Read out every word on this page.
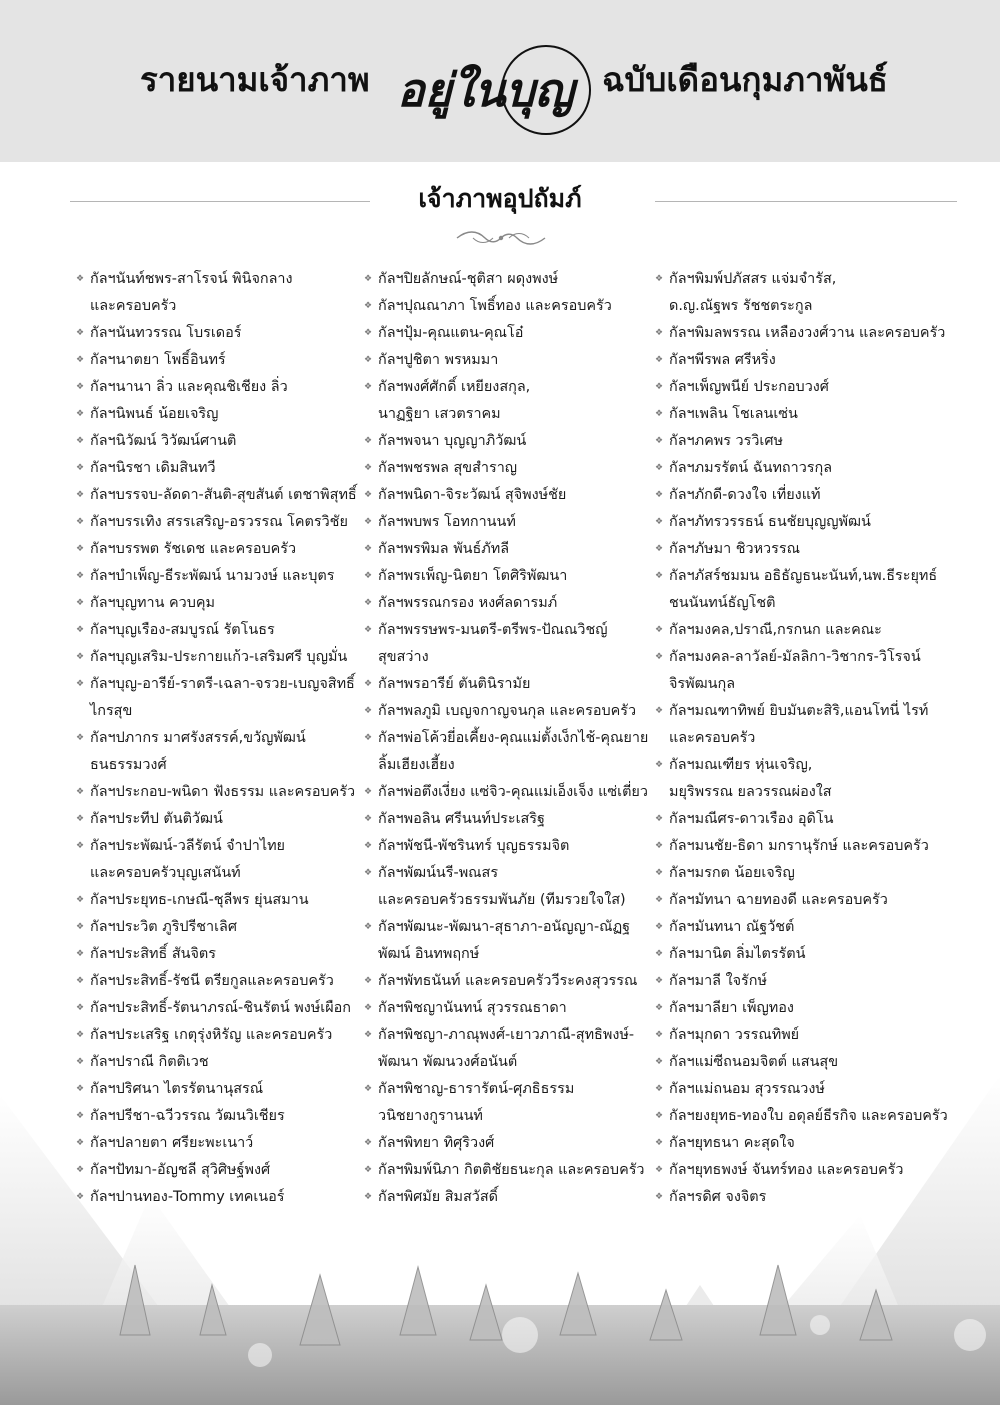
รายนามเจ้าภาพ อยู่ในบุญ ฉบับเดือนกุมภาพันธ์
เจ้าภาพอุปถัมภ์
❖ กัลฯนันท์ชพร-สาโรจน์ พินิจกลาง
และครอบครัว
❖ กัลฯนันทวรรณ โบรเดอร์
❖ กัลฯนาตยา โพธิ์อินทร์
❖ กัลฯนานา ลิ่ว และคุณชิเชียง ลิ่ว
❖ กัลฯนิพนธ์ น้อยเจริญ
❖ กัลฯนิวัฒน์ วิวัฒน์ศานติ
❖ กัลฯนิรชา เดิมสินทวี
❖ กัลฯบรรจบ-ลัดดา-สันติ-สุขสันต์ เตชาพิสุทธิ์
❖ กัลฯบรรเทิง สรรเสริญ-อรวรรณ โคตรวิชัย
❖ กัลฯบรรพต รัชเดช และครอบครัว
❖ กัลฯบำเพ็ญ-ธีระพัฒน์ นามวงษ์ และบุตร
❖ กัลฯบุญทาน ควบคุม
❖ กัลฯบุญเรือง-สมบูรณ์ รัตโนธร
❖ กัลฯบุญเสริม-ประกายแก้ว-เสริมศรี บุญมั่น
❖ กัลฯบุญ-อารีย์-ราตรี-เฉลา-จรวย-เบญจสิทธิ์
ไกรสุข
❖ กัลฯปภากร มาศรังสรรค์,ขวัญพัฒน์
ธนธรรมวงศ์
❖ กัลฯประกอบ-พนิดา ฟังธรรม และครอบครัว
❖ กัลฯประทีป ตันติวัฒน์
❖ กัลฯประพัฒน์-วลีรัตน์ จำปาไทย
และครอบครัวบุญเสนันท์
❖ กัลฯประยุทธ-เกษณี-ชุลีพร ยุ่นสมาน
❖ กัลฯประวิต ภูริปรีชาเลิศ
❖ กัลฯประสิทธิ์ สันจิตร
❖ กัลฯประสิทธิ์-รัชนี ตรียกูลและครอบครัว
❖ กัลฯประสิทธิ์-รัตนาภรณ์-ชินรัตน์ พงษ์เผือก
❖ กัลฯประเสริฐ เกตุรุ่งหิรัญ และครอบครัว
❖ กัลฯปราณี กิตติเวช
❖ กัลฯปริศนา ไตรรัตนานุสรณ์
❖ กัลฯปรีชา-ฉวีวรรณ วัฒนวิเชียร
❖ กัลฯปลายตา ศรียะพะเนาว์
❖ กัลฯปัทมา-อัญชลี สุวิศิษฐ์พงศ์
❖ กัลฯปานทอง-Tommy เทคเนอร์
❖ กัลฯปิยลักษณ์-ชุติสา ผดุงพงษ์
❖ กัลฯปุณณาภา โพธิ์ทอง และครอบครัว
❖ กัลฯปุ้ม-คุณแตน-คุณโอ๋
❖ กัลฯปูชิตา พรหมมา
❖ กัลฯพงศ์ศักดิ์ เหยียงสกุล,
นาฏฐิยา เสวตราคม
❖ กัลฯพจนา บุญญาภิวัฒน์
❖ กัลฯพชรพล สุขสำราญ
❖ กัลฯพนิดา-จิระวัฒน์ สุจิพงษ์ชัย
❖ กัลฯพบพร โอทกานนท์
❖ กัลฯพรพิมล พันธ์ภัทลี
❖ กัลฯพรเพ็ญ-นิตยา โตศิริพัฒนา
❖ กัลฯพรรณกรอง หงศ์ลดารมภ์
❖ กัลฯพรรษพร-มนตรี-ตรีพร-ปัณณวิชญ์
สุขสว่าง
❖ กัลฯพรอารีย์ ตันตินิรามัย
❖ กัลฯพลภูมิ เบญจกาญจนกุล และครอบครัว
❖ กัลฯพ่อโค้วยี่อเคี้ยง-คุณแม่ตั้งเง็กไช้-คุณยาย
ลิ้มเฮียงเฮี้ยง
❖ กัลฯพ่อตึงเงี่ยง แซ่จิว-คุณแม่เอ็งเจ็ง แซ่เตี่ยว
❖ กัลฯพอลิน ศรีนนท์ประเสริฐ
❖ กัลฯพัชนี-พัชรินทร์ บุญธรรมจิต
❖ กัลฯพัฒน์นรี-พณสร
และครอบครัวธรรมพันภัย (ทีมรวยใจใส)
❖ กัลฯพัฒนะ-พัฒนา-สุธาภา-อนัญญา-ณัฏฐ
พัฒน์ อินทพฤกษ์
❖ กัลฯพัทธนันท์ และครอบครัววีระคงสุวรรณ
❖ กัลฯพิชญานันทน์ สุวรรณธาดา
❖ กัลฯพิชญา-ภาณุพงศ์-เยาวภาณี-สุทธิพงษ์-
พัฒนา พัฒนวงศ์อนันต์
❖ กัลฯพิชาญ-ธารารัตน์-ศุภธิธรรม
วนิชยางกูรานนท์
❖ กัลฯพิทยา ทิศุริวงศ์
❖ กัลฯพิมพ์นิภา กิตติชัยธนะกุล และครอบครัว
❖ กัลฯพิศมัย สิมสวัสดิ์
❖ กัลฯพิมพ์ปภัสสร แจ่มจำรัส,
ด.ญ.ณัฐพร รัชชตระกูล
❖ กัลฯพิมลพรรณ เหลืองวงศ์วาน และครอบครัว
❖ กัลฯพีรพล ศรีหริ่ง
❖ กัลฯเพ็ญพนีย์ ประกอบวงศ์
❖ กัลฯเพลิน โชเลนเซ่น
❖ กัลฯภคพร วรวิเศษ
❖ กัลฯภมรรัตน์ ฉันทถาวรกุล
❖ กัลฯภักดี-ดวงใจ เที่ยงแท้
❖ กัลฯภัทรวรรธน์ ธนชัยบุญญพัฒน์
❖ กัลฯภัษมา ชิวหวรรณ
❖ กัลฯภัสร์ชมมน อธิธัญธนะนันท์,นพ.ธีระยุทธ์
ชนนันทน์ธัญโชติ
❖ กัลฯมงคล,ปราณี,กรกนก และคณะ
❖ กัลฯมงคล-ลาวัลย์-มัลลิกา-วิชากร-วิโรจน์
จิรพัฒนกุล
❖ กัลฯมณฑาทิพย์ ยิบมันตะสิริ,แอนโทนี่ ไรท์
และครอบครัว
❖ กัลฯมณเฑียร หุ่นเจริญ,
มยุริพรรณ ยลวรรณผ่องใส
❖ กัลฯมณีศร-ดาวเรือง อุดิโน
❖ กัลฯมนชัย-ธิดา มกรานุรักษ์ และครอบครัว
❖ กัลฯมรกต น้อยเจริญ
❖ กัลฯมัทนา ฉายทองดี และครอบครัว
❖ กัลฯมันทนา ณัฐวัชต์
❖ กัลฯมานิต ลิ่มไตรรัตน์
❖ กัลฯมาลี ใจรักษ์
❖ กัลฯมาลียา เพ็ญทอง
❖ กัลฯมุกดา วรรณทิพย์
❖ กัลฯแม่ซีถนอมจิตต์ แสนสุข
❖ กัลฯแม่ถนอม สุวรรณวงษ์
❖ กัลฯยงยุทธ-ทองใบ อดุลย์ธีรกิจ และครอบครัว
❖ กัลฯยุทธนา คะสุดใจ
❖ กัลฯยุทธพงษ์ จันทร์ทอง และครอบครัว
❖ กัลฯรดิศ จงจิตร
